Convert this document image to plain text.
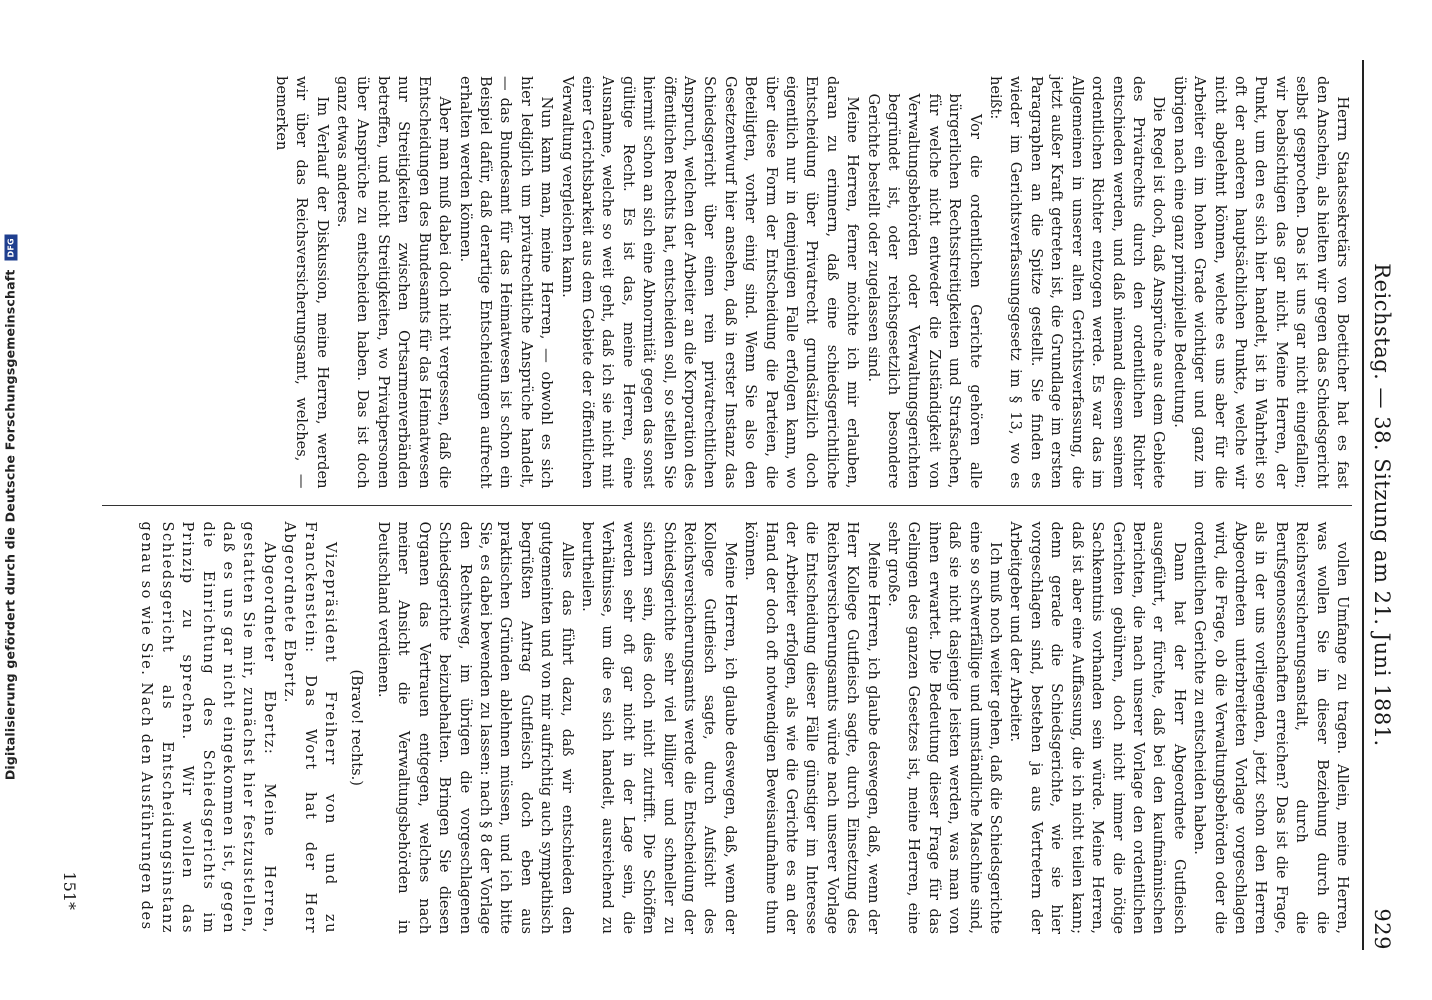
Reichstag. — 38. Sitzung am 21. Juni 1881.
929

Herrn Staatssekretärs von Boetticher hat es fast den Anschein, als hielten wir gegen das Schiedsgericht selbst gesprochen. Das ist uns gar nicht eingefallen; wir beabsichtigen das gar nicht. Meine Herren, der Punkt, um den es sich hier handelt, ist in Wahrheit so oft der anderen hauptsächlichen Punkte, welche wir nicht abgelehnt können, welche es uns aber für die Arbeiter ein im hohen Grade wichtiger und ganz im übrigen nach eine ganz prinzipielle Bedeutung.

Die Regel ist doch, daß Ansprüche aus dem Gebiete des Privatrechts durch den ordentlichen Richter entschieden werden, und daß niemand diesem seinem ordentlichen Richter entzogen werde. Es war das im Allgemeinen in unserer alten Gerichtsverfassung, die jetzt außer Kraft getreten ist, die Grundlage im ersten Paragraphen an die Spitze gestellt. Sie finden es wieder im Gerichtsverfassungsgesetz im § 13, wo es heißt:

Vor die ordentlichen Gerichte gehören alle bürgerlichen Rechtsstreitigkeiten und Strafsachen, für welche nicht entweder die Zuständigkeit von Verwaltungsbehörden oder Verwaltungsgerichten begründet ist, oder reichsgesetzlich besondere Gerichte bestellt oder zugelassen sind.

Meine Herren, ferner möchte ich mir erlauben, daran zu erinnern, daß eine schiedsgerichtliche Entscheidung über Privatrecht grundsätzlich doch eigentlich nur in demjenigen Falle erfolgen kann, wo über diese Form der Entscheidung die Parteien, die Beteiligten, vorher einig sind. Wenn Sie also den Gesetzentwurf hier ansehen, daß in erster Instanz das Schiedsgericht über einen rein privatrechtlichen Anspruch, welchen der Arbeiter an die Korporation des öffentlichen Rechts hat, entscheiden soll, so stellen Sie hiermit schon an sich eine Abnormität gegen das sonst gültige Recht. Es ist das, meine Herren, eine Ausnahme, welche so weit geht, daß ich sie nicht mit einer Gerichtsbarkeit aus dem Gebiete der öffentlichen Verwaltung vergleichen kann.

Nun kann man, meine Herren, — obwohl es sich hier lediglich um privatrechtliche Ansprüche handelt, — das Bundesamt für das Heimatwesen ist schon ein Beispiel dafür, daß derartige Entscheidungen aufrecht erhalten werden können.

Aber man muß dabei doch nicht vergessen, daß die Entscheidungen des Bundesamts für das Heimatwesen nur Streitigkeiten zwischen Ortsarmenverbänden betreffen, und nicht Streitigkeiten, wo Privatpersonen über Ansprüche zu entscheiden haben. Das ist doch ganz etwas anderes.

Im Verlauf der Diskussion, meine Herren, werden wir über das Reichsversicherungsamt, welches, — bemerken

vollen Umfange zu tragen. Allein, meine Herren, was wollen Sie in dieser Beziehung durch die Reichsversicherungsanstalt, durch die Berufsgenossenschaften erreichen? Das ist die Frage, als in der uns vorliegenden, jetzt schon den Herren Abgeordneten unterbreiteten Vorlage vorgeschlagen wird, die Frage, ob die Verwaltungsbehörden oder die ordentlichen Gerichte zu entscheiden haben.

Dann hat der Herr Abgeordnete Gutfleisch ausgeführt, er fürchte, daß bei den kaufmännischen Berichten, die nach unserer Vorlage den ordentlichen Gerichten gebühren, doch nicht immer die nötige Sachkenntnis vorhanden sein würde. Meine Herren, daß ist aber eine Auffassung, die ich nicht teilen kann; denn gerade die Schiedsgerichte, wie sie hier vorgeschlagen sind, bestehen ja aus Vertretern der Arbeitgeber und der Arbeiter.

Ich muß noch weiter gehen, daß die Schiedsgerichte eine so schwerfällige und umständliche Maschine sind, daß sie nicht dasjenige leisten werden, was man von ihnen erwartet. Die Bedeutung dieser Frage für das Gelingen des ganzen Gesetzes ist, meine Herren, eine sehr große.

Meine Herren, ich glaube deswegen, daß, wenn der Herr Kollege Gutfleisch sagte, durch Einsetzung des Reichsversicherungsamts würde nach unserer Vorlage die Entscheidung dieser Fälle günstiger im Interesse der Arbeiter erfolgen, als wie die Gerichte es an der Hand der doch oft notwendigen Beweisaufnahme thun können.

Meine Herren, ich glaube deswegen, daß, wenn der Kollege Gutfleisch sagte, durch Aufsicht des Reichsversicherungsamts werde die Entscheidung der Schiedsgerichte sehr viel billiger und schneller zu sichern sein, dies doch nicht zutrifft. Die Schöffen werden sehr oft gar nicht in der Lage sein, die Verhältnisse, um die es sich handelt, ausreichend zu beurtheilen.

Alles das führt dazu, daß wir entschieden den gutgemeinten und von mir aufrichtig auch sympathisch begrüßten Antrag Gutfleisch doch eben aus praktischen Gründen ablehnen müssen, und ich bitte Sie, es dabei bewenden zu lassen: nach § 8 der Vorlage den Rechtsweg, im übrigen die vorgeschlagenen Schiedsgerichte beizubehalten. Bringen Sie diesen Organen das Vertrauen entgegen, welches nach meiner Ansicht die Verwaltungsbehörden in Deutschland verdienen.

(Bravo! rechts.)

Vizepräsident Freiherr von und zu Franckenstein: Das Wort hat der Herr Abgeordnete Ebertz.

Abgeordneter Ebertz: Meine Herren, gestatten Sie mir, zunächst hier festzustellen, daß es uns gar nicht eingekommen ist, gegen die Einrichtung des Schiedsgerichts im Prinzip zu sprechen. Wir wollen das Schiedsgericht als Entscheidungsinstanz genau so wie Sie. Nach den Ausführungen des

151*
Digitalisierung gefördert durch die Deutsche Forschungsgemeinschaft DFG
